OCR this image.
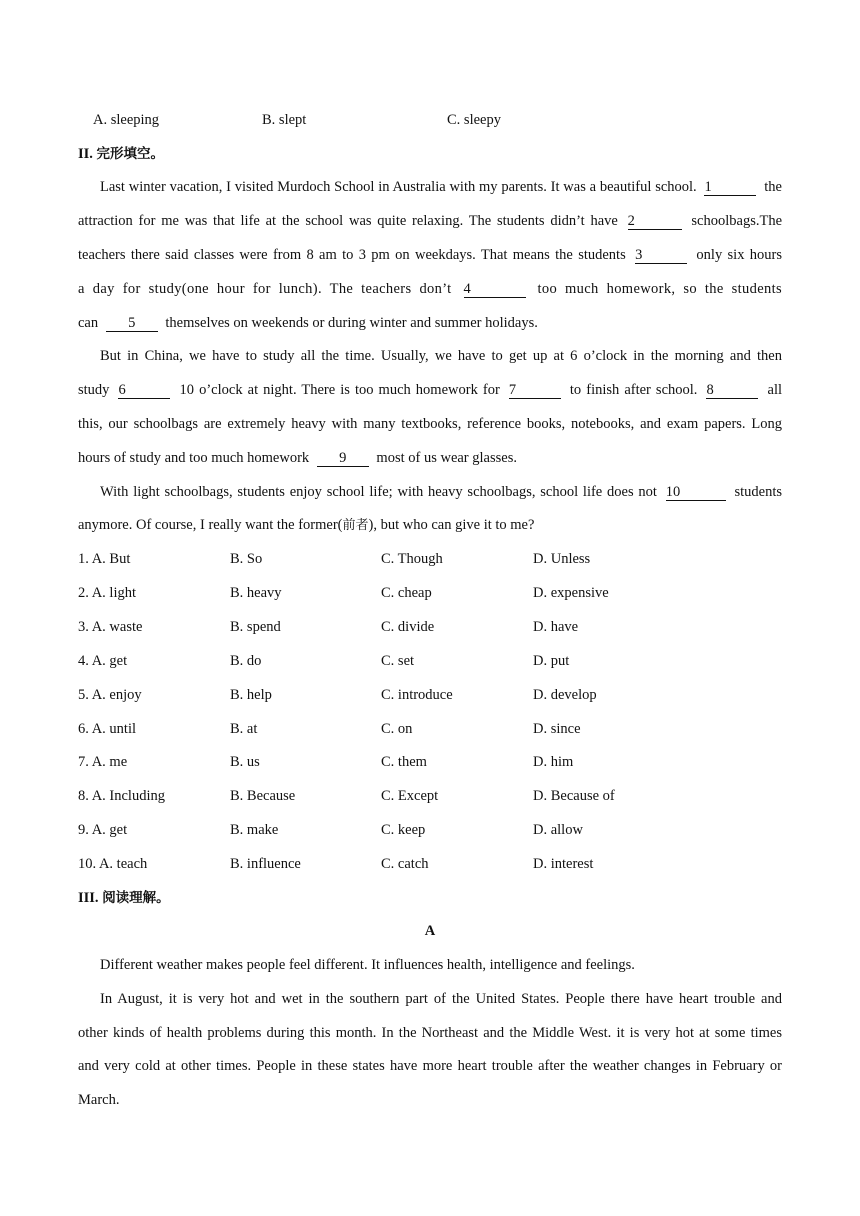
A. sleeping	B. slept	C. sleepy
II. 完形填空。
Last winter vacation, I visited Murdoch School in Australia with my parents. It was a beautiful school. 1	the
attraction for me was that life at the school was quite relaxing. The students didn’t have 2	schoolbags.The
teachers there said classes were from 8 am to 3 pm on weekdays. That means the students 3	only six hours
a day for study(one hour for lunch). The teachers don’t 4	too much homework, so the students
can 5 themselves on weekends or during winter and summer holidays.
But in China, we have to study all the time. Usually, we have to get up at 6 o’clock in the morning and then
study 6	10 o’clock at night. There is too much homework for 7	to finish after school. 8	all
this, our schoolbags are extremely heavy with many textbooks, reference books, notebooks, and exam papers. Long
hours of study and too much homework 9 most of us wear glasses.
With light schoolbags, students enjoy school life; with heavy schoolbags, school life does not 10	students
anymore. Of course, I really want the former(前者), but who can give it to me?
1. A. But	B. So	C. Though	D. Unless
2. A. light	B. heavy	C. cheap	D. expensive
3. A. waste	B. spend	C. divide	D. have
4. A. get	B. do	C. set	D. put
5. A. enjoy	B. help	C. introduce	D. develop
6. A. until	B. at	C. on	D. since
7. A. me	B. us	C. them	D. him
8. A. Including	B. Because	C. Except	D. Because of
9. A. get	B. make	C. keep	D. allow
10. A. teach	B. influence	C. catch	D. interest
III. 阅读理解。
A
Different weather makes people feel different. It influences health, intelligence and feelings.
In August, it is very hot and wet in the southern part of the United States. People there have heart trouble and
other kinds of health problems during this month. In the Northeast and the Middle West. it is very hot at some times
and very cold at other times. People in these states have more heart trouble after the weather changes in February or
March.
